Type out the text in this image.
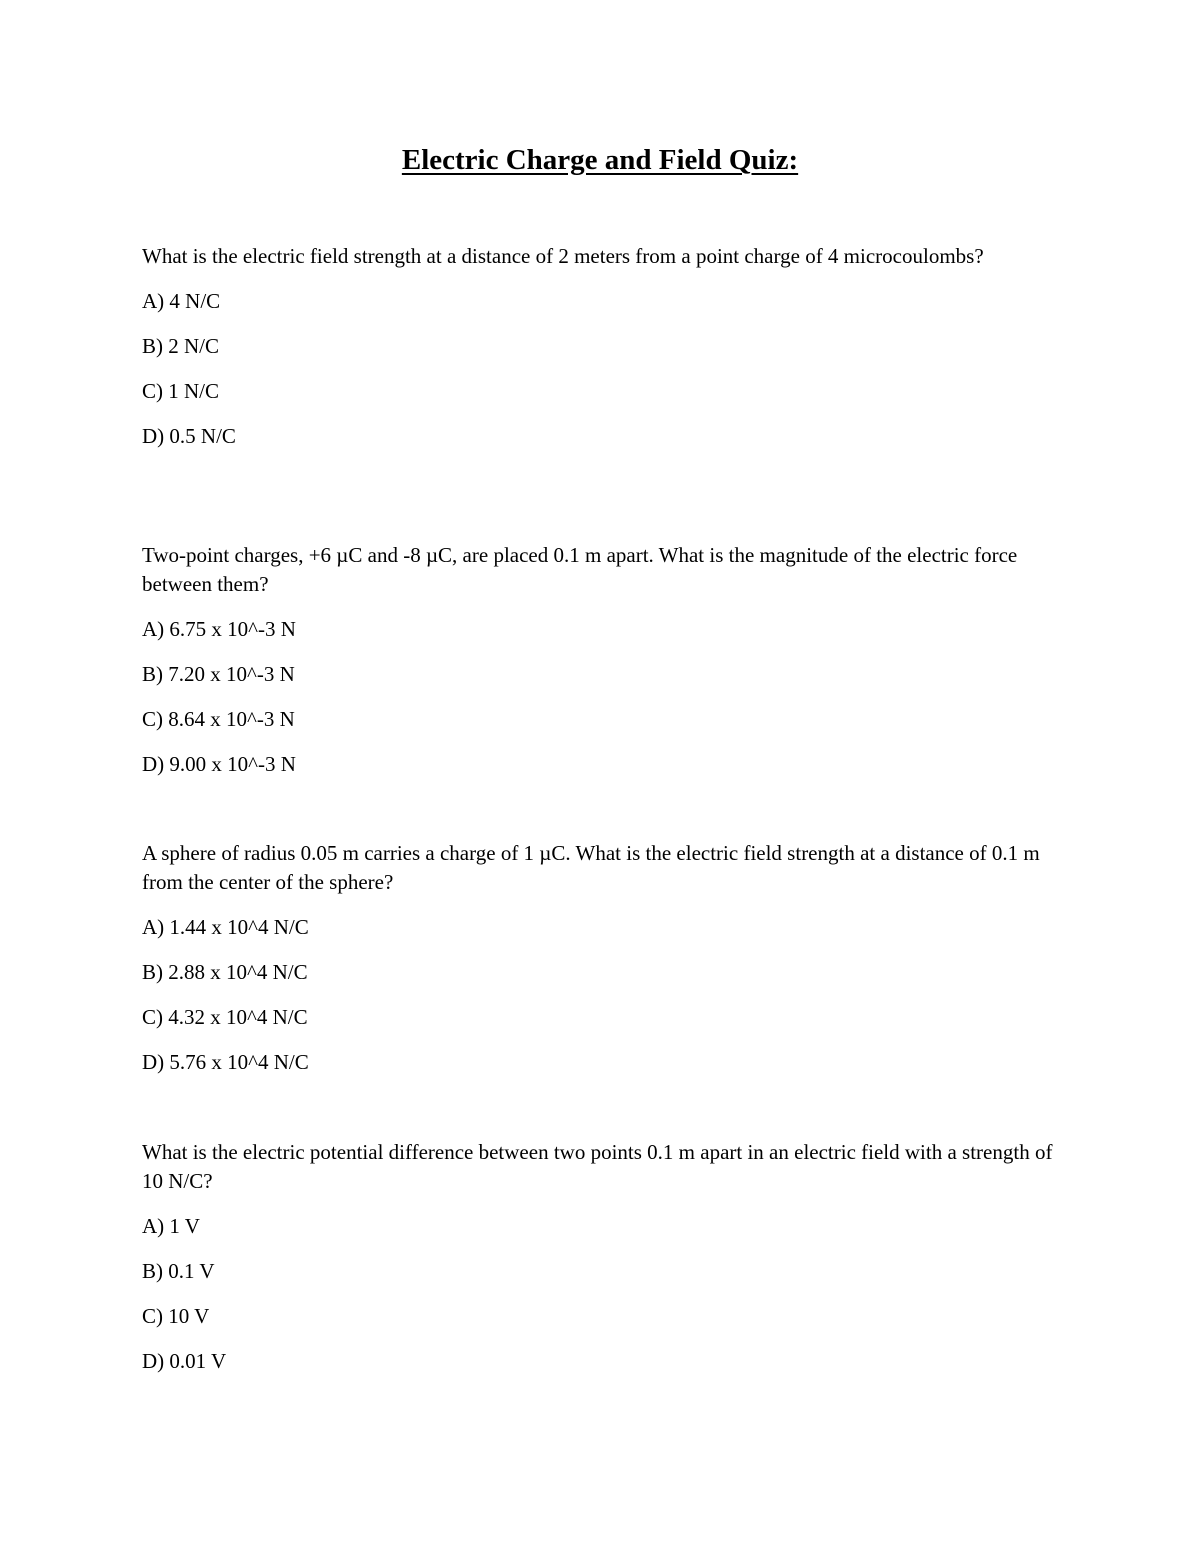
Electric Charge and Field Quiz:

What is the electric field strength at a distance of 2 meters from a point charge of 4 microcoulombs?

A) 4 N/C

B) 2 N/C

C) 1 N/C

D) 0.5 N/C

Two-point charges, +6 µC and -8 µC, are placed 0.1 m apart. What is the magnitude of the electric force between them?

A) 6.75 x 10^-3 N

B) 7.20 x 10^-3 N

C) 8.64 x 10^-3 N

D) 9.00 x 10^-3 N

A sphere of radius 0.05 m carries a charge of 1 µC. What is the electric field strength at a distance of 0.1 m from the center of the sphere?

A) 1.44 x 10^4 N/C

B) 2.88 x 10^4 N/C

C) 4.32 x 10^4 N/C

D) 5.76 x 10^4 N/C

What is the electric potential difference between two points 0.1 m apart in an electric field with a strength of 10 N/C?

A) 1 V

B) 0.1 V

C) 10 V

D) 0.01 V
